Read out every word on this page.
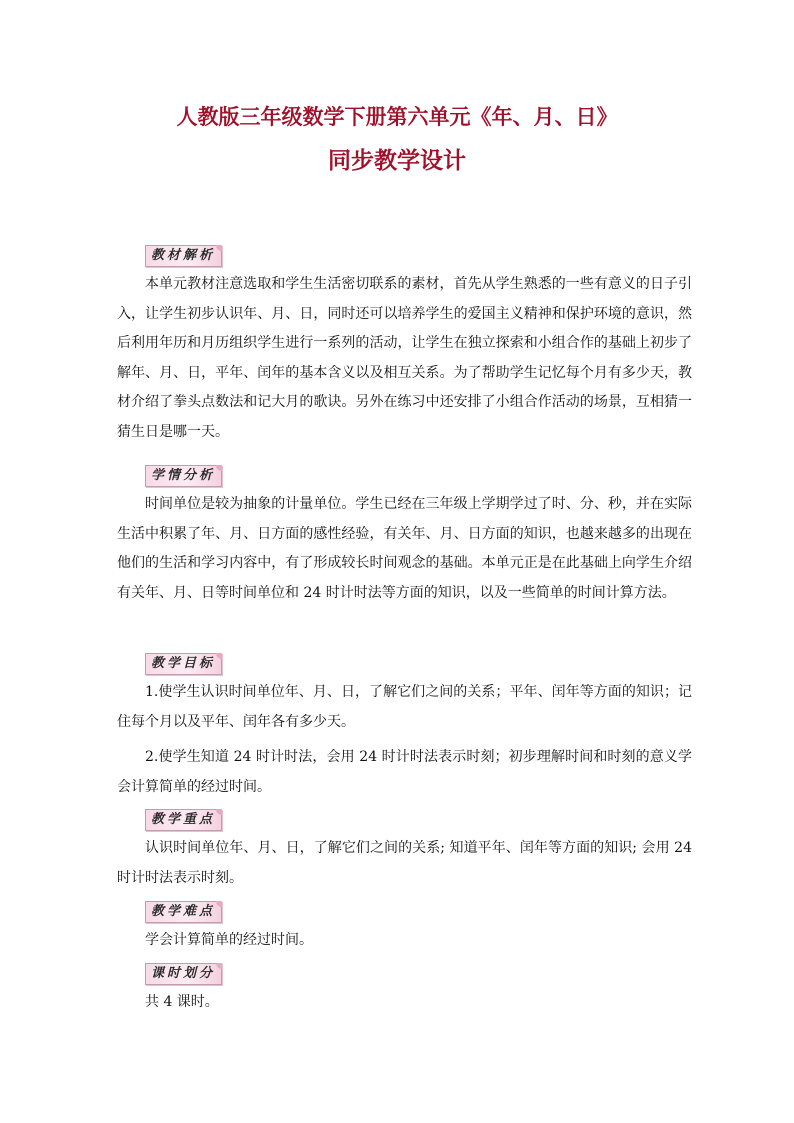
人教版三年级数学下册第六单元《年、月、日》
同步教学设计
教材解析

本单元教材注意选取和学生生活密切联系的素材，首先从学生熟悉的一些有意义的日子引入，让学生初步认识年、月、日，同时还可以培养学生的爱国主义精神和保护环境的意识，然后利用年历和月历组织学生进行一系列的活动，让学生在独立探索和小组合作的基础上初步了解年、月、日，平年、闰年的基本含义以及相互关系。为了帮助学生记忆每个月有多少天，教材介绍了拳头点数法和记大月的歌诀。另外在练习中还安排了小组合作活动的场景，互相猜一猜生日是哪一天。

学情分析

时间单位是较为抽象的计量单位。学生已经在三年级上学期学过了时、分、秒，并在实际生活中积累了年、月、日方面的感性经验，有关年、月、日方面的知识，也越来越多的出现在他们的生活和学习内容中，有了形成较长时间观念的基础。本单元正是在此基础上向学生介绍有关年、月、日等时间单位和 24 时计时法等方面的知识，以及一些简单的时间计算方法。

教学目标

1.使学生认识时间单位年、月、日，了解它们之间的关系；平年、闰年等方面的知识；记住每个月以及平年、闰年各有多少天。

2.使学生知道 24 时计时法，会用 24 时计时法表示时刻；初步理解时间和时刻的意义学会计算简单的经过时间。

教学重点

认识时间单位年、月、日，了解它们之间的关系; 知道平年、闰年等方面的知识; 会用 24 时计时法表示时刻。

教学难点

学会计算简单的经过时间。

课时划分

共 4 课时。
